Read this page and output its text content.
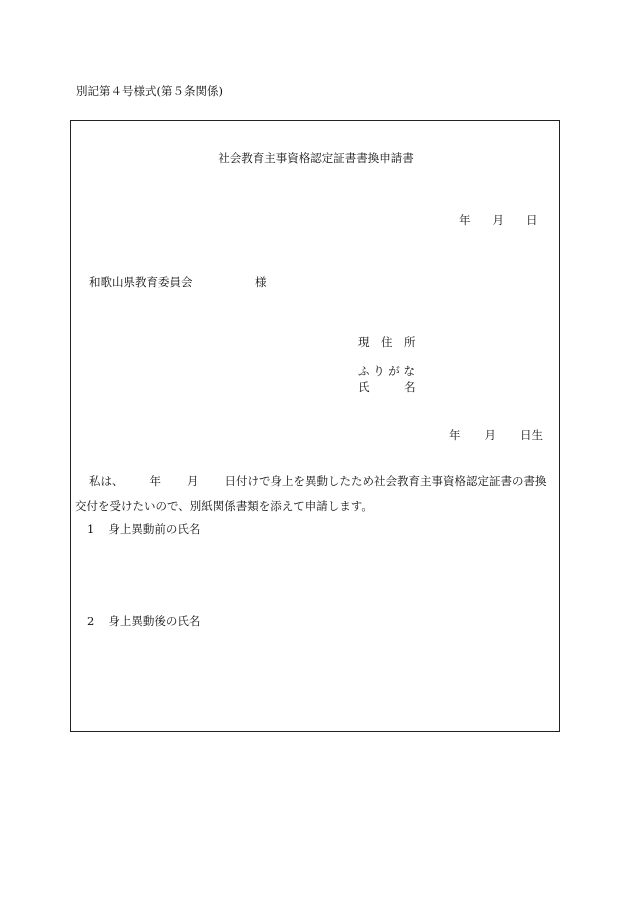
別記第４号様式(第５条関係)
社会教育主事資格認定証書書換申請書
年 月 日
和歌山県教育委員会	様
現　住　所
ふ り が な
氏　　　名
年 月 日生
私は、 年 月 日付けで身上を異動したため社会教育主事資格認定証書の書換
交付を受けたいので、別紙関係書類を添えて申請します。
1 身上異動前の氏名
2 身上異動後の氏名
